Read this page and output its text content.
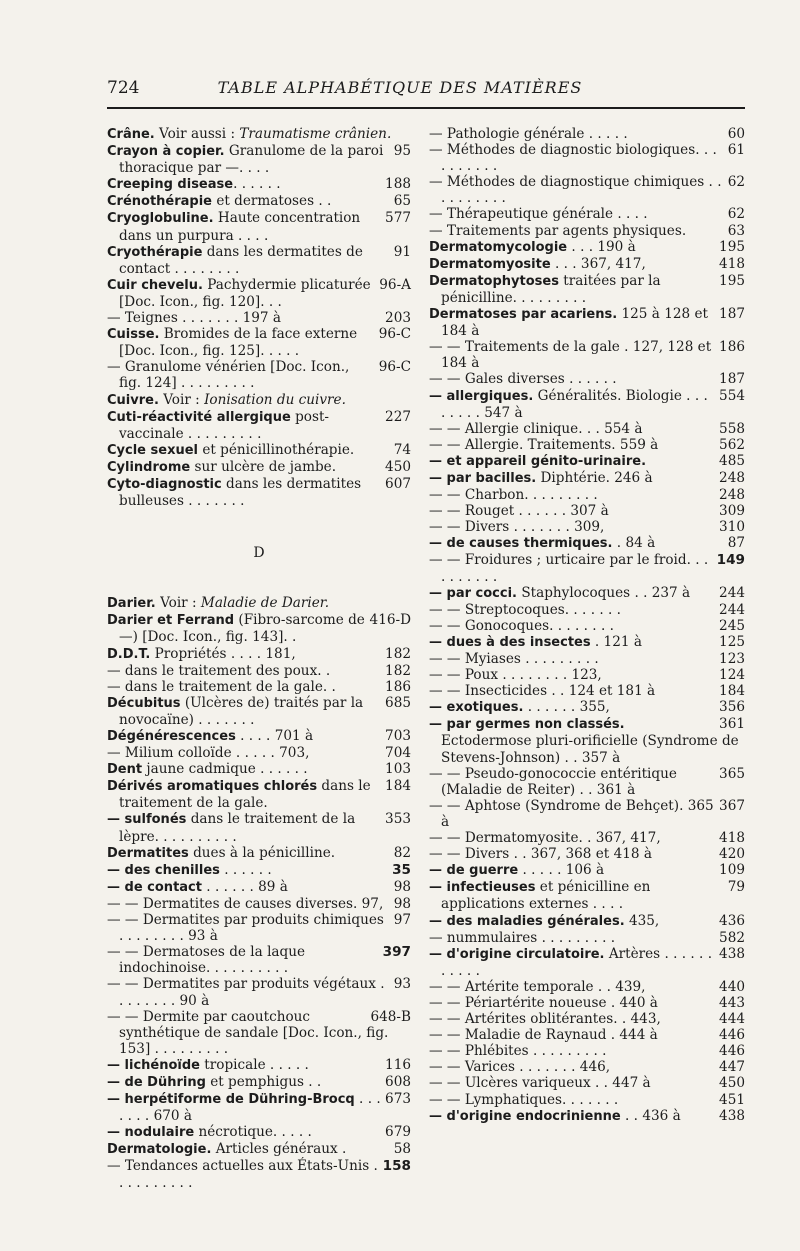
724	TABLE ALPHABÉTIQUE DES MATIÈRES
Crâne. Voir aussi : Traumatisme crânien.
95
Crayon à copier. Granulome de la paroi thoracique par —. . . .
188
Creeping disease. . . . . .
65
Crénothérapie et dermatoses . .
577
Cryoglobuline. Haute concentration dans un purpura . . . .
91
Cryothérapie dans les dermatites de contact . . . . . . . .
96-A
Cuir chevelu. Pachydermie plicaturée [Doc. Icon., fig. 120]. . .
203
— Teignes . . . . . . . 197 à
96-C
Cuisse. Bromides de la face externe [Doc. Icon., fig. 125]. . . . .
96-C
— Granulome vénérien [Doc. Icon., fig. 124] . . . . . . . . .
Cuivre. Voir : Ionisation du cuivre.
227
Cuti-réactivité allergique post-vaccinale . . . . . . . . .
74
Cycle sexuel et pénicillinothérapie.
450
Cylindrome sur ulcère de jambe.
607
Cyto-diagnostic dans les dermatites bulleuses . . . . . . .
D
Darier. Voir : Maladie de Darier.
416-D
Darier et Ferrand (Fibro-sarcome de —) [Doc. Icon., fig. 143]. .
182
D.D.T. Propriétés . . . . 181,
182
— dans le traitement des poux. .
186
— dans le traitement de la gale. .
685
Décubitus (Ulcères de) traités par la novocaïne) . . . . . . .
703
Dégénérescences . . . . 701 à
704
— Milium colloïde . . . . . 703,
103
Dent jaune cadmique . . . . . .
184
Dérivés aromatiques chlorés dans le traitement de la gale.
353
— sulfonés dans le traitement de la lèpre. . . . . . . . . .
82
Dermatites dues à la pénicilline.
35
— des chenilles . . . . . .
98
— de contact . . . . . . 89 à
98
— — Dermatites de causes diverses. 97,
97
— — Dermatites par produits chimiques . . . . . . . . 93 à
397
— — Dermatoses de la laque indochinoise. . . . . . . . . .
93
— — Dermatites par produits végétaux . . . . . . . . 90 à
648-B
— — Dermite par caoutchouc synthétique de sandale [Doc. Icon., fig. 153] . . . . . . . . .
116
— lichénoïde tropicale . . . . .
608
— de Dühring et pemphigus . .
673
— herpétiforme de Dühring-Brocq . . . . . . . 670 à
679
— nodulaire nécrotique. . . . .
58
Dermatologie. Articles généraux .
158
— Tendances actuelles aux États-Unis . . . . . . . . . .
60
— Pathologie générale . . . . .
61
— Méthodes de diagnostic biologiques. . . . . . . . . .
62
— Méthodes de diagnostique chimiques . . . . . . . . . .
62
— Thérapeutique générale . . . .
63
— Traitements par agents physiques.
195
Dermatomycologie . . . 190 à
418
Dermatomyosite . . . 367, 417,
195
Dermatophytoses traitées par la pénicilline. . . . . . . . .
187
Dermatoses par acariens. 125 à 128 et 184 à
186
— — Traitements de la gale . 127, 128 et 184 à
187
— — Gales diverses . . . . . .
554
— allergiques. Généralités. Biologie . . . . . . . . 547 à
558
— — Allergie clinique. . . 554 à
562
— — Allergie. Traitements. 559 à
485
— et appareil génito-urinaire.
248
— par bacilles. Diphtérie. 246 à
248
— — Charbon. . . . . . . . .
309
— — Rouget . . . . . . 307 à
310
— — Divers . . . . . . . 309,
87
— de causes thermiques. . 84 à
149
— — Froidures ; urticaire par le froid. . . . . . . . . .
244
— par cocci. Staphylocoques . . 237 à
244
— — Streptocoques. . . . . . .
245
— — Gonocoques. . . . . . . .
125
— dues à des insectes . 121 à
123
— — Myiases . . . . . . . . .
124
— — Poux . . . . . . . . 123,
184
— — Insecticides . . 124 et 181 à
356
— exotiques. . . . . . . 355,
361
— par germes non classés. Ectodermose pluri-orificielle (Syndrome de Stevens-Johnson) . . 357 à
365
— — Pseudo-gonococcie entéritique (Maladie de Reiter) . . 361 à
367
— — Aphtose (Syndrome de Behçet). 365 à
418
— — Dermatomyosite. . 367, 417,
420
— — Divers . . 367, 368 et 418 à
109
— de guerre . . . . . 106 à
79
— infectieuses et pénicilline en applications externes . . . .
436
— des maladies générales. 435,
582
— nummulaires . . . . . . . . .
438
— d'origine circulatoire. Artères . . . . . . . . . . .
440
— — Artérite temporale . . 439,
443
— — Périartérite noueuse . 440 à
444
— — Artérites oblitérantes. . 443,
446
— — Maladie de Raynaud . 444 à
446
— — Phlébites . . . . . . . . .
447
— — Varices . . . . . . . 446,
450
— — Ulcères variqueux . . 447 à
451
— — Lymphatiques. . . . . . .
438
— d'origine endocrinienne . . 436 à
